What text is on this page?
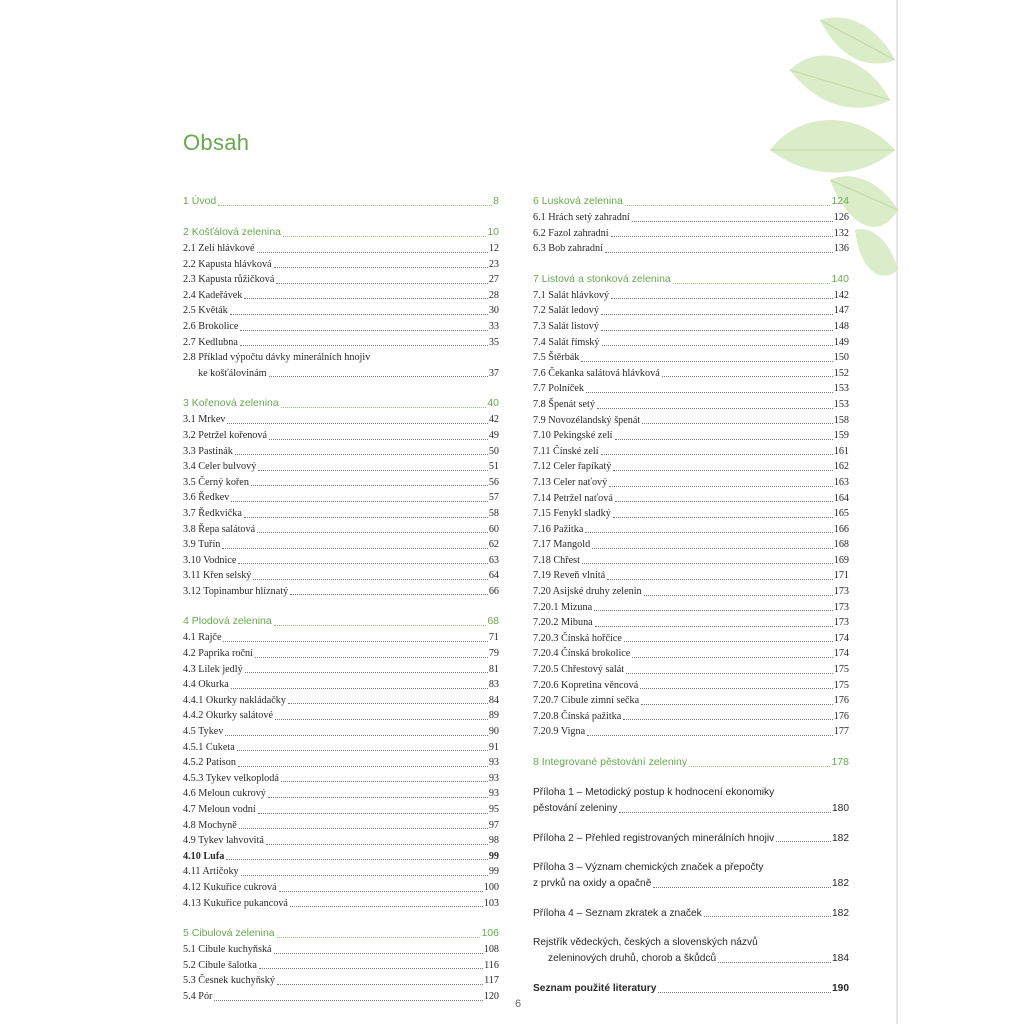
Obsah
1 Úvod	8
2 Košťálová zelenina	10
2.1 Zelí hlávkové	12
2.2 Kapusta hlávková	23
2.3 Kapusta růžičková	27
2.4 Kadeřávek	28
2.5 Květák	30
2.6 Brokolice	33
2.7 Kedlubna	35
2.8 Příklad výpočtu dávky minerálních hnojiv
ke košťálovinám	37
3 Kořenová zelenina	40
3.1 Mrkev	42
3.2 Petržel kořenová	49
3.3 Pastinák	50
3.4 Celer bulvový	51
3.5 Černý kořen	56
3.6 Ředkev	57
3.7 Ředkvička	58
3.8 Řepa salátová	60
3.9 Tuřín	62
3.10 Vodnice	63
3.11 Křen selský	64
3.12 Topinambur hlíznatý	66
4 Plodová zelenina	68
4.1 Rajče	71
4.2 Paprika roční	79
4.3 Lilek jedlý	81
4.4 Okurka	83
4.4.1 Okurky nakládačky	84
4.4.2 Okurky salátové	89
4.5 Tykev	90
4.5.1 Cuketa	91
4.5.2 Patison	93
4.5.3 Tykev velkoplodá	93
4.6 Meloun cukrový	93
4.7 Meloun vodní	95
4.8 Mochyně	97
4.9 Tykev lahvovitá	98
4.10 Lufa	99
4.11 Artičoky	99
4.12 Kukuřice cukrová	100
4.13 Kukuřice pukancová	103
5 Cibulová zelenina	106
5.1 Cibule kuchyňská	108
5.2 Cibule šalotka	116
5.3 Česnek kuchyňský	117
5.4 Pór	120
6 Lusková zelenina	124
6.1 Hrách setý zahradní	126
6.2 Fazol zahradní	132
6.3 Bob zahradní	136
7 Listová a stonková zelenina	140
7.1 Salát hlávkový	142
7.2 Salát ledový	147
7.3 Salát listový	148
7.4 Salát římský	149
7.5 Štěrbák	150
7.6 Čekanka salátová hlávková	152
7.7 Polníček	153
7.8 Špenát setý	153
7.9 Novozélandský špenát	158
7.10 Pekingské zelí	159
7.11 Čínské zelí	161
7.12 Celer řapíkatý	162
7.13 Celer naťový	163
7.14 Petržel naťová	164
7.15 Fenykl sladký	165
7.16 Pažitka	166
7.17 Mangold	168
7.18 Chřest	169
7.19 Reveň vlnitá	171
7.20 Asijské druhy zelenin	173
7.20.1 Mizuna	173
7.20.2 Mibuna	173
7.20.3 Čínská hořčice	174
7.20.4 Čínská brokolice	174
7.20.5 Chřestový salát	175
7.20.6 Kopretina věncová	175
7.20.7 Cibule zimní sečka	176
7.20.8 Čínská pažitka	176
7.20.9 Vigna	177
8 Integrované pěstování zeleniny	178
Příloha 1 – Metodický postup k hodnocení ekonomiky
pěstování zeleniny	180
Příloha 2 – Přehled registrovaných minerálních hnojiv	182
Příloha 3 – Význam chemických značek a přepočty
z prvků na oxidy a opačně	182
Příloha 4 – Seznam zkratek a značek	182
Rejstřík vědeckých, českých a slovenských názvů
zeleninových druhů, chorob a škůdců	184
Seznam použité literatury	190
6
